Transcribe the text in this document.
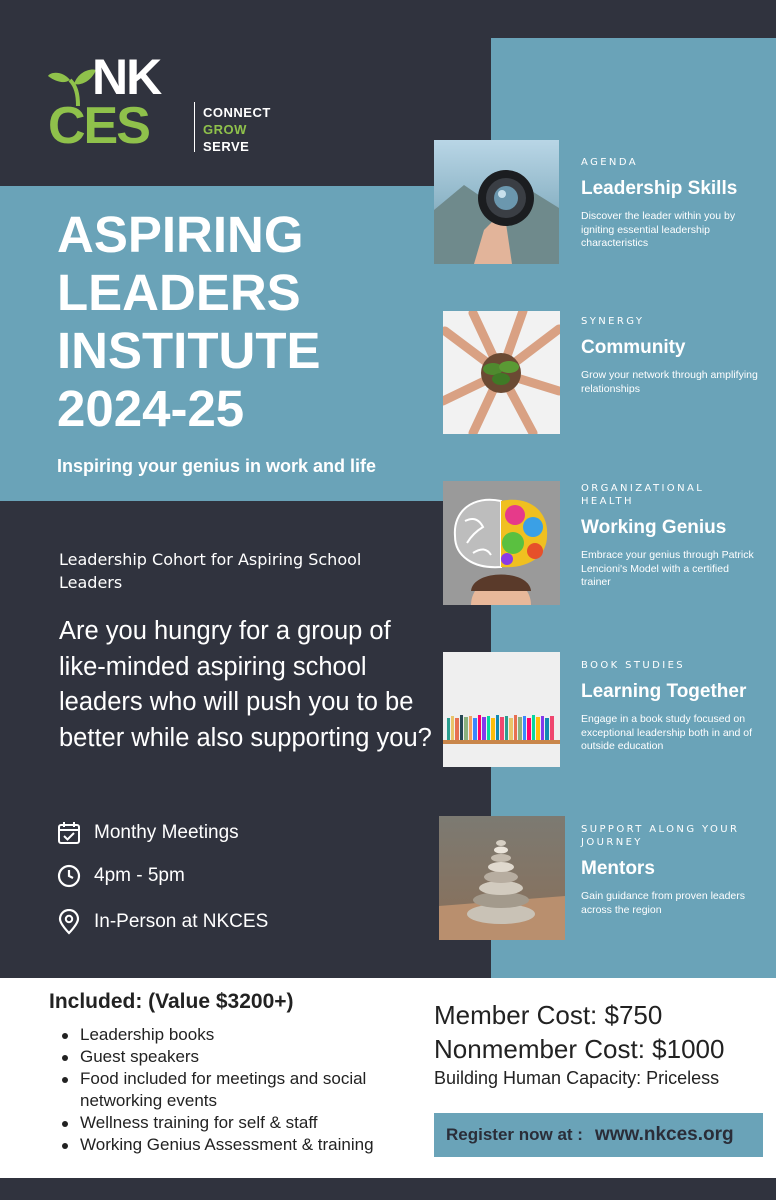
NK
CES	CONNECT
GROW
SERVE
ASPIRING
LEADERS
INSTITUTE
2024-25
Inspiring your genius in work and life
Leadership Cohort for Aspiring School Leaders
Are you hungry for a group of like-minded aspiring school leaders who will push you to be better while also supporting you?
Monthy Meetings
4pm - 5pm
In-Person at NKCES
AGENDA
Leadership Skills
Discover the leader within you by igniting essential leadership characteristics
SYNERGY
Community
Grow your network through amplifying relationships
ORGANIZATIONAL HEALTH
Working Genius
Embrace your genius through Patrick Lencioni's Model with a certified trainer
BOOK STUDIES
Learning Together
Engage in a book study focused on exceptional leadership both in and of outside education
SUPPORT ALONG YOUR JOURNEY
Mentors
Gain guidance from proven leaders across the region
Included: (Value $3200+)
Leadership books
Guest speakers
Food included for meetings and social networking events
Wellness training for self & staff
Working Genius Assessment & training
Member Cost: $750
Nonmember Cost: $1000
Building Human Capacity: Priceless
Register now at : www.nkces.org
